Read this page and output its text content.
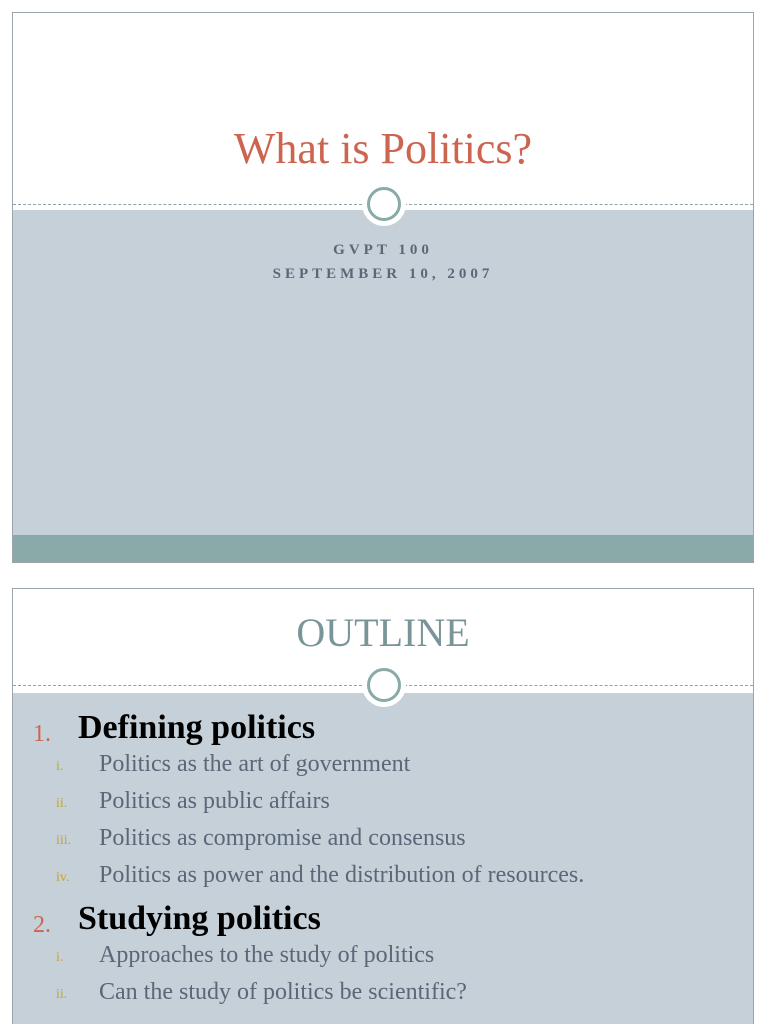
What is Politics?
GVPT 100
SEPTEMBER 10, 2007
OUTLINE
1. Defining politics
i. Politics as the art of government
ii. Politics as public affairs
iii. Politics as compromise and consensus
iv. Politics as power and the distribution of resources.
2. Studying politics
i. Approaches to the study of politics
ii. Can the study of politics be scientific?
